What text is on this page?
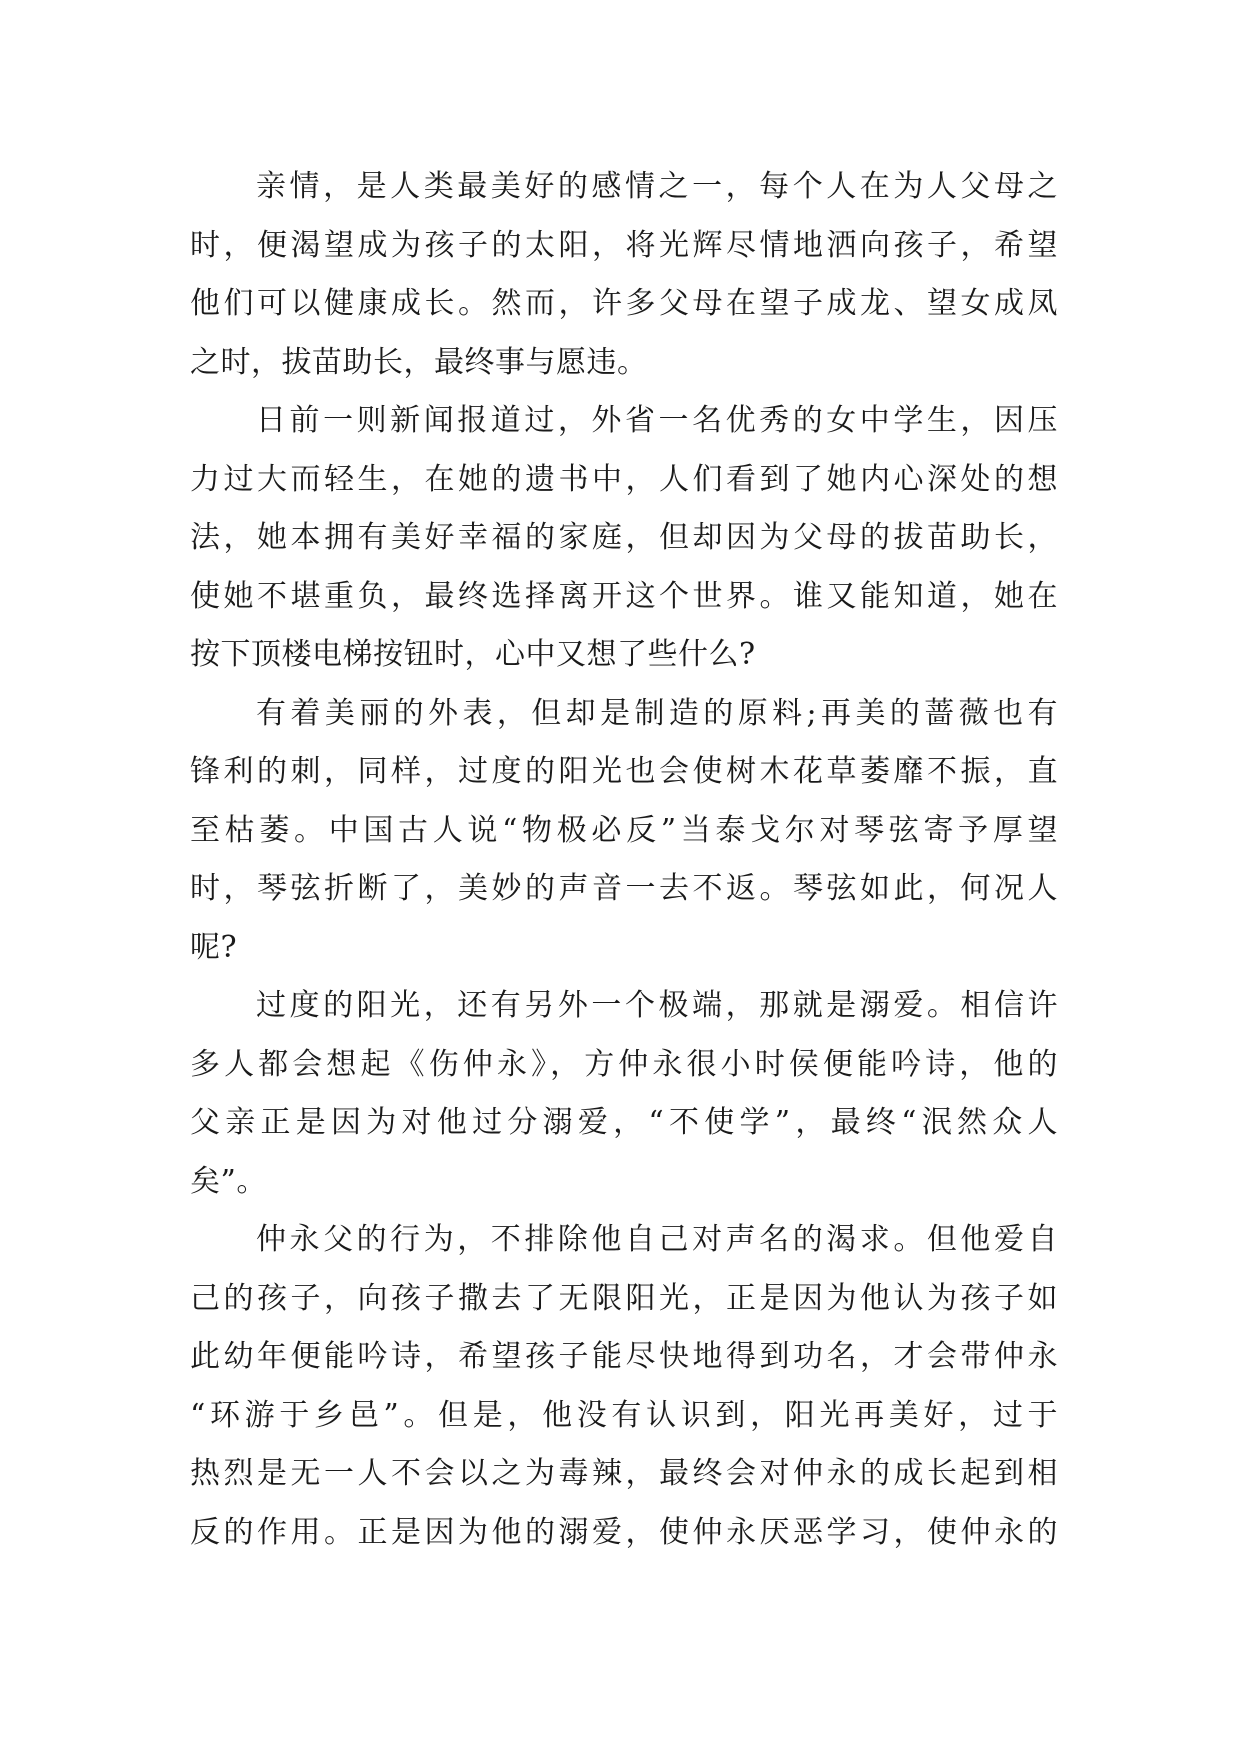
亲情，是人类最美好的感情之一，每个人在为人父母之
时，便渴望成为孩子的太阳，将光辉尽情地洒向孩子，希望
他们可以健康成长。然而，许多父母在望子成龙、望女成凤
之时，拔苗助长，最终事与愿违。
日前一则新闻报道过，外省一名优秀的女中学生，因压
力过大而轻生，在她的遗书中，人们看到了她内心深处的想
法，她本拥有美好幸福的家庭，但却因为父母的拔苗助长，
使她不堪重负，最终选择离开这个世界。谁又能知道，她在
按下顶楼电梯按钮时，心中又想了些什么?
有着美丽的外表，但却是制造的原料;再美的蔷薇也有
锋利的刺，同样，过度的阳光也会使树木花草萎靡不振，直
至枯萎。中国古人说“物极必反”当泰戈尔对琴弦寄予厚望
时，琴弦折断了，美妙的声音一去不返。琴弦如此，何况人
呢?
过度的阳光，还有另外一个极端，那就是溺爱。相信许
多人都会想起《伤仲永》，方仲永很小时侯便能吟诗，他的
父亲正是因为对他过分溺爱，“不使学”，最终“泯然众人
矣”。
仲永父的行为，不排除他自己对声名的渴求。但他爱自
己的孩子，向孩子撒去了无限阳光，正是因为他认为孩子如
此幼年便能吟诗，希望孩子能尽快地得到功名，才会带仲永
“环游于乡邑”。但是，他没有认识到，阳光再美好，过于
热烈是无一人不会以之为毒辣，最终会对仲永的成长起到相
反的作用。正是因为他的溺爱，使仲永厌恶学习，使仲永的
